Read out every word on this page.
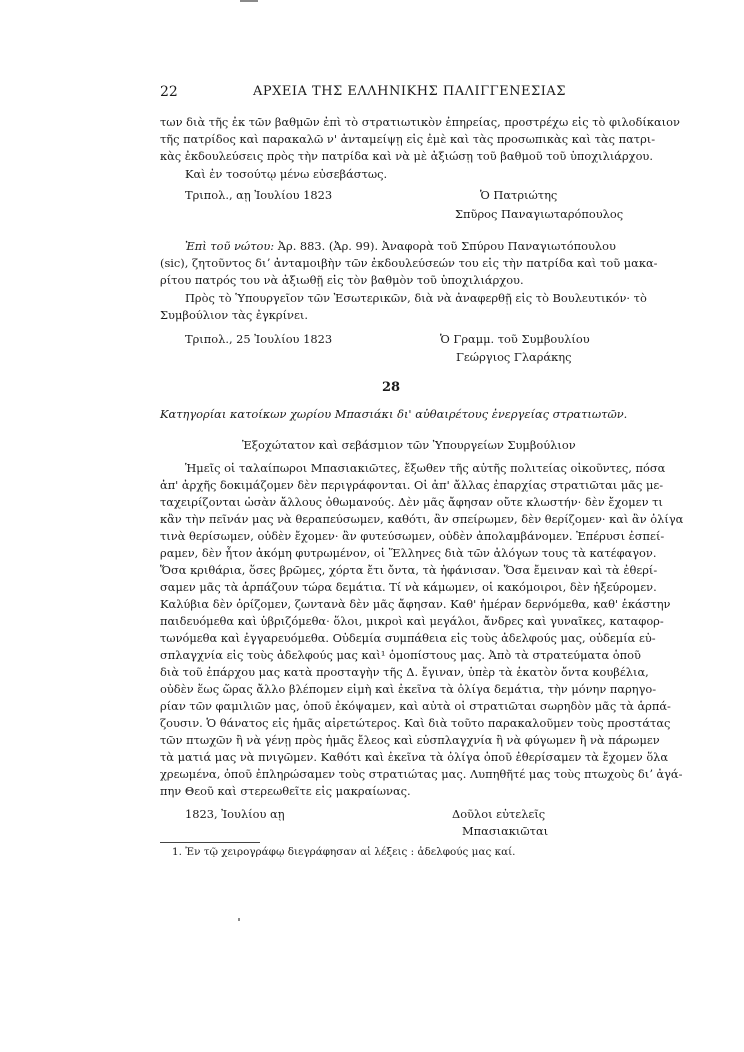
22	ΑΡΧΕΙΑ ΤΗΣ ΕΛΛΗΝΙΚΗΣ ΠΑΛΙΓΓΕΝΕΣΙΑΣ
των διὰ τῆς ἐκ τῶν βαθμῶν ἐπὶ τὸ στρατιωτικὸν ἐπηρείας, προστρέχω εἰς τὸ φιλοδίκαιον
τῆς πατρίδος καὶ παρακαλῶ ν' ἀνταμείψῃ εἰς ἐμὲ καὶ τὰς προσωπικὰς καὶ τὰς πατρι-
κὰς ἐκδουλεύσεις πρὸς τὴν πατρίδα καὶ νὰ μὲ ἀξιώσῃ τοῦ βαθμοῦ τοῦ ὑποχιλιάρχου.
Καὶ ἐν τοσούτῳ μένω εὐσεβάστως.
Τριπολ., αῃ Ἰουλίου 1823	Ὁ Πατριώτης
Σπῦρος Παναγιωταρόπουλος
Ἐπὶ τοῦ νώτου: Ἀρ. 883. (Ἀρ. 99). Ἀναφορὰ τοῦ Σπύρου Παναγιωτόπουλου
(sic), ζητοῦντος διʼ ἀνταμοιβὴν τῶν ἐκδουλεύσεών του εἰς τὴν πατρίδα καὶ τοῦ μακα-
ρίτου πατρός του νὰ ἀξιωθῇ εἰς τὸν βαθμὸν τοῦ ὑποχιλιάρχου.
Πρὸς τὸ Ὑπουργεῖον τῶν Ἐσωτερικῶν, διὰ νὰ ἀναφερθῇ εἰς τὸ Βουλευτικόν· τὸ
Συμβούλιον τὰς ἐγκρίνει.
Τριπολ., 25 Ἰουλίου 1823	Ὁ Γραμμ. τοῦ Συμβουλίου
Γεώργιος Γλαράκης
28
Κατηγορίαι κατοίκων χωρίου Μπασιάκι δι' αὐθαιρέτους ἐνεργείας στρατιωτῶν.
Ἐξοχώτατον καὶ σεβάσμιον τῶν Ὑπουργείων Συμβούλιον
Ἡμεῖς οἱ ταλαίπωροι Μπασιακιῶτες, ἔξωθεν τῆς αὐτῆς πολιτείας οἰκοῦντες, πόσα
ἀπ' ἀρχῆς δοκιμάζομεν δὲν περιγράφονται. Οἱ ἀπ' ἄλλας ἐπαρχίας στρατιῶται μᾶς με-
ταχειρίζονται ὡσὰν ἄλλους ὀθωμανούς. Δὲν μᾶς ἄφησαν οὔτε κλωστήν· δὲν ἔχομεν τι
κἂν τὴν πεῖνάν μας νὰ θεραπεύσωμεν, καθότι, ἂν σπείρωμεν, δὲν θερίζομεν· καὶ ἂν ὀλίγα
τινὰ θερίσωμεν, οὐδὲν ἔχομεν· ἂν φυτεύσωμεν, οὐδὲν ἀπολαμβάνομεν. Ἐπέρυσι ἐσπεί-
ραμεν, δὲν ἦτον ἀκόμη φυτρωμένον, οἱ Ἕλληνες διὰ τῶν ἀλόγων τους τὰ κατέφαγον.
Ὅσα κριθάρια, ὅσες βρῶμες, χόρτα ἔτι ὄντα, τὰ ἠφάνισαν. Ὅσα ἔμειναν καὶ τὰ ἐθερί-
σαμεν μᾶς τὰ ἁρπάζουν τώρα δεμάτια. Τί νὰ κάμωμεν, οἱ κακόμοιροι, δὲν ἠξεύρομεν.
Καλύβια δὲν ὁρίζομεν, ζωντανὰ δὲν μᾶς ἄφησαν. Καθ' ἡμέραν δερνόμεθα, καθ' ἑκάστην
παιδευόμεθα καὶ ὑβριζόμεθα· ὅλοι, μικροὶ καὶ μεγάλοι, ἄνδρες καὶ γυναῖκες, καταφορ-
τωνόμεθα καὶ ἐγγαρευόμεθα. Οὐδεμία συμπάθεια εἰς τοὺς ἀδελφούς μας, οὐδεμία εὐ-
σπλαγχνία εἰς τοὺς ἀδελφούς μας καὶ¹ ὁμοπίστους μας. Ἀπὸ τὰ στρατεύματα ὁποῦ
διὰ τοῦ ἐπάρχου μας κατὰ προσταγὴν τῆς Δ. ἔγιναν, ὑπὲρ τὰ ἑκατὸν ὄντα κουβέλια,
οὐδὲν ἕως ὥρας ἄλλο βλέπομεν εἰμὴ καὶ ἐκεῖνα τὰ ὀλίγα δεμάτια, τὴν μόνην παρηγο-
ρίαν τῶν φαμιλιῶν μας, ὁποῦ ἐκόψαμεν, καὶ αὐτὰ οἱ στρατιῶται σωρηδὸν μᾶς τὰ ἁρπά-
ζουσιν. Ὁ θάνατος εἰς ἡμᾶς αἱρετώτερος. Καὶ διὰ τοῦτο παρακαλοῦμεν τοὺς προστάτας
τῶν πτωχῶν ἢ νὰ γένῃ πρὸς ἡμᾶς ἔλεος καὶ εὐσπλαγχνία ἢ νὰ φύγωμεν ἢ νὰ πάρωμεν
τὰ ματιά μας νὰ πνιγῶμεν. Καθότι καὶ ἐκεῖνα τὰ ὀλίγα ὁποῦ ἐθερίσαμεν τὰ ἔχομεν ὅλα
χρεωμένα, ὁποῦ ἐπληρώσαμεν τοὺς στρατιώτας μας. Λυπηθῆτέ μας τοὺς πτωχοὺς διʼ ἀγά-
πην Θεοῦ καὶ στερεωθεῖτε εἰς μακραίωνας.
1823, Ἰουλίου αῃ	Δοῦλοι εὐτελεῖς
Μπασιακιῶται
1. Ἐν τῷ χειρογράφῳ διεγράφησαν αἱ λέξεις : ἀδελφούς μας καί.
